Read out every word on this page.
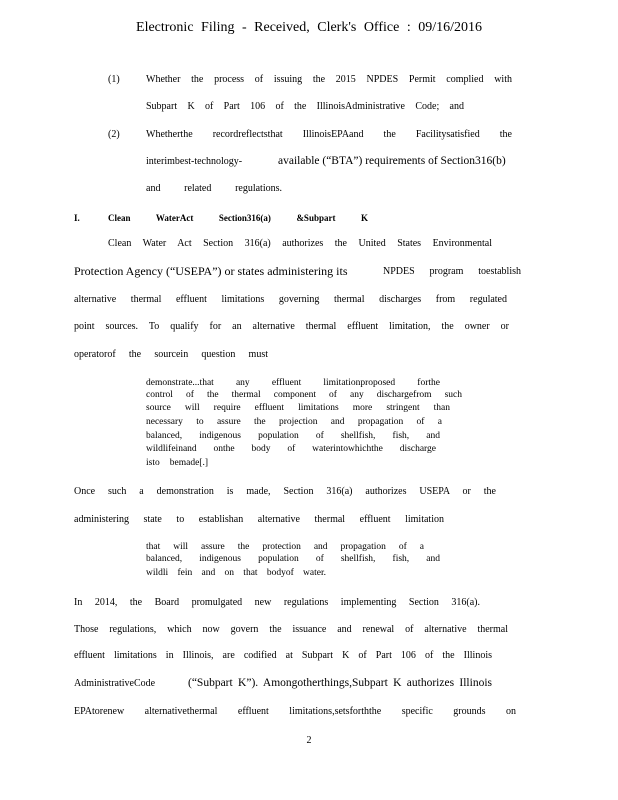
Electronic Filing - Received, Clerk's Office : 09/16/2016
(1)	Whether the process of issuing the 2015 NPDES Permit complied with
Subpart K of Part 106 of the IllinoisAdministrative Code; and
(2)	Whetherthe recordreflectsthat IllinoisEPAand the Facilitysatisfied the
interimbest-technology-	available (“BTA”) requirements of Section316(b)
and related regulations.
I.	Clean WaterAct Section316(a) &Subpart K
Clean Water Act Section 316(a) authorizes the United States Environmental
Protection Agency (“USEPA”) or states administering its	NPDES program toestablish
alternative thermal effluent limitations governing thermal discharges from regulated
point sources. To qualify for an alternative thermal effluent limitation, the owner or
operatorof the sourcein question must
demonstrate...that any effluent limitationproposed forthe
control of the thermal component of any dischargefrom such
source will require effluent limitations more stringent than
necessary to assure the projection and propagation of a
balanced, indigenous population of shellfish, fish, and
wildlifeinand onthe body of waterintowhichthe discharge
isto bemade[.]
Once such a demonstration is made, Section 316(a) authorizes USEPA or the
administering state to establishan alternative thermal effluent limitation
that will assure the protection and propagation of a
balanced, indigenous population of shellfish, fish, and
wildli fein and on that bodyof water.
In 2014, the Board promulgated new regulations implementing Section 316(a).
Those regulations, which now govern the issuance and renewal of alternative thermal
effluent limitations in Illinois, are codified at Subpart K of Part 106 of the Illinois
AdministrativeCode	(“Subpart K”). Amongotherthings,Subpart K authorizes Illinois
EPAtorenew alternativethermal effluent limitations,setsforththe specific grounds on
2
